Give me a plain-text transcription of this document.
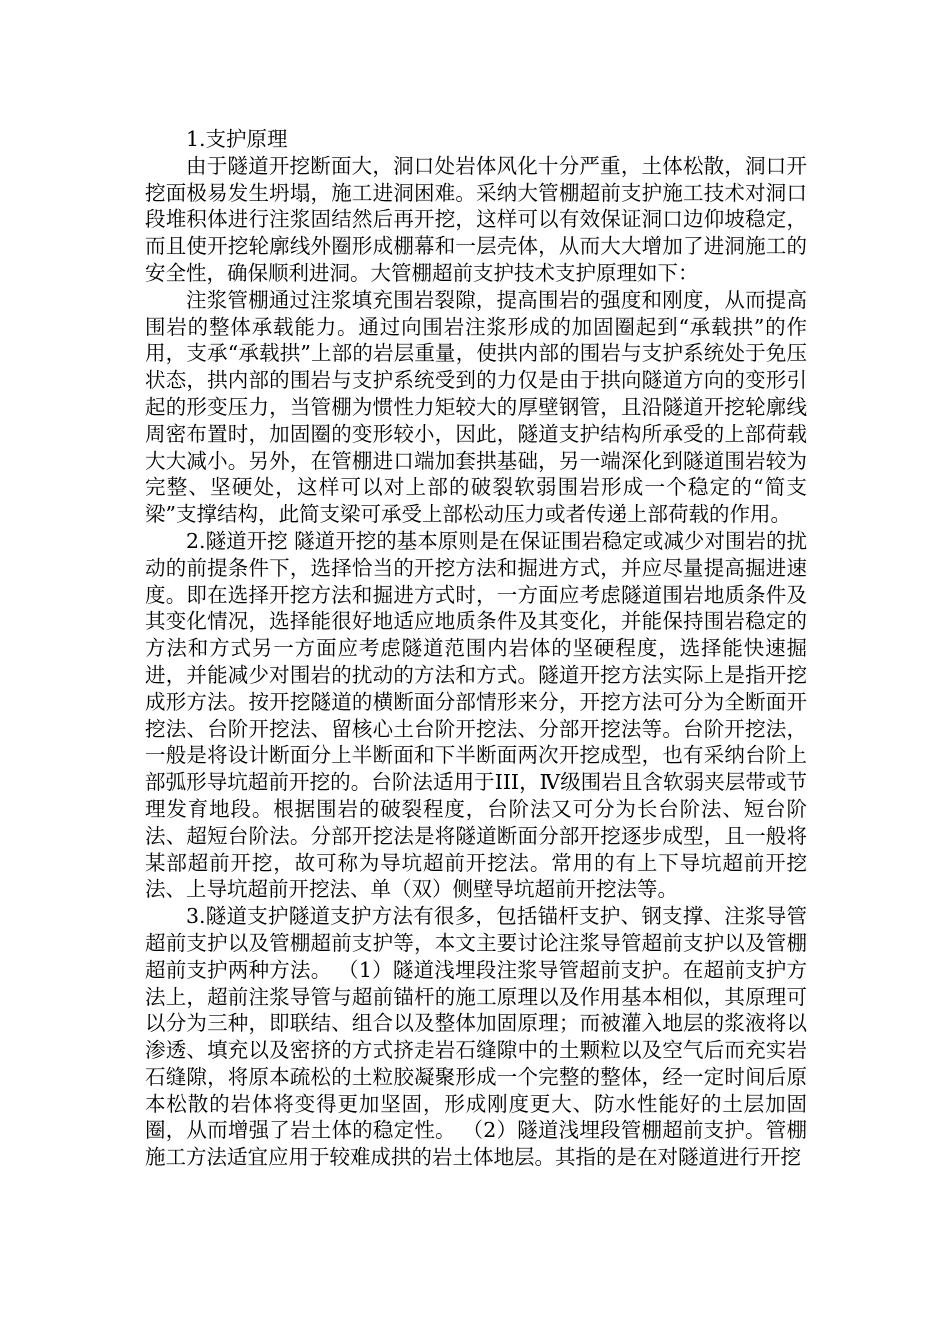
1.支护原理

由于隧道开挖断面大，洞口处岩体风化十分严重，土体松散，洞口开挖面极易发生坍塌，施工进洞困难。采纳大管棚超前支护施工技术对洞口段堆积体进行注浆固结然后再开挖，这样可以有效保证洞口边仰坡稳定，而且使开挖轮廓线外圈形成棚幕和一层壳体，从而大大增加了进洞施工的安全性，确保顺利进洞。大管棚超前支护技术支护原理如下：

注浆管棚通过注浆填充围岩裂隙，提高围岩的强度和刚度，从而提高围岩的整体承载能力。通过向围岩注浆形成的加固圈起到“承载拱”的作用，支承“承载拱”上部的岩层重量，使拱内部的围岩与支护系统处于免压状态，拱内部的围岩与支护系统受到的力仅是由于拱向隧道方向的变形引起的形变压力，当管棚为惯性力矩较大的厚壁钢管，且沿隧道开挖轮廓线周密布置时，加固圈的变形较小，因此，隧道支护结构所承受的上部荷载大大减小。另外，在管棚进口端加套拱基础，另一端深化到隧道围岩较为完整、坚硬处，这样可以对上部的破裂软弱围岩形成一个稳定的“简支梁”支撑结构，此简支梁可承受上部松动压力或者传递上部荷载的作用。

2.隧道开挖 隧道开挖的基本原则是在保证围岩稳定或减少对围岩的扰动的前提条件下，选择恰当的开挖方法和掘进方式，并应尽量提高掘进速度。即在选择开挖方法和掘进方式时，一方面应考虑隧道围岩地质条件及其变化情况，选择能很好地适应地质条件及其变化，并能保持围岩稳定的方法和方式另一方面应考虑隧道范围内岩体的坚硬程度，选择能快速掘进，并能减少对围岩的扰动的方法和方式。隧道开挖方法实际上是指开挖成形方法。按开挖隧道的横断面分部情形来分，开挖方法可分为全断面开挖法、台阶开挖法、留核心土台阶开挖法、分部开挖法等。台阶开挖法，一般是将设计断面分上半断面和下半断面两次开挖成型，也有采纳台阶上部弧形导坑超前开挖的。台阶法适用于III，Ⅳ级围岩且含软弱夹层带或节理发育地段。根据围岩的破裂程度，台阶法又可分为长台阶法、短台阶法、超短台阶法。分部开挖法是将隧道断面分部开挖逐步成型，且一般将某部超前开挖，故可称为导坑超前开挖法。常用的有上下导坑超前开挖法、上导坑超前开挖法、单（双）侧壁导坑超前开挖法等。

3.隧道支护隧道支护方法有很多，包括锚杆支护、钢支撑、注浆导管超前支护以及管棚超前支护等，本文主要讨论注浆导管超前支护以及管棚超前支护两种方法。 （1）隧道浅埋段注浆导管超前支护。在超前支护方法上，超前注浆导管与超前锚杆的施工原理以及作用基本相似，其原理可以分为三种，即联结、组合以及整体加固原理；而被灌入地层的浆液将以渗透、填充以及密挤的方式挤走岩石缝隙中的土颗粒以及空气后而充实岩石缝隙，将原本疏松的土粒胶凝聚形成一个完整的整体，经一定时间后原本松散的岩体将变得更加坚固，形成刚度更大、防水性能好的土层加固圈，从而增强了岩土体的稳定性。 （2）隧道浅埋段管棚超前支护。管棚施工方法适宜应用于较难成拱的岩土体地层。其指的是在对隧道进行开挖
